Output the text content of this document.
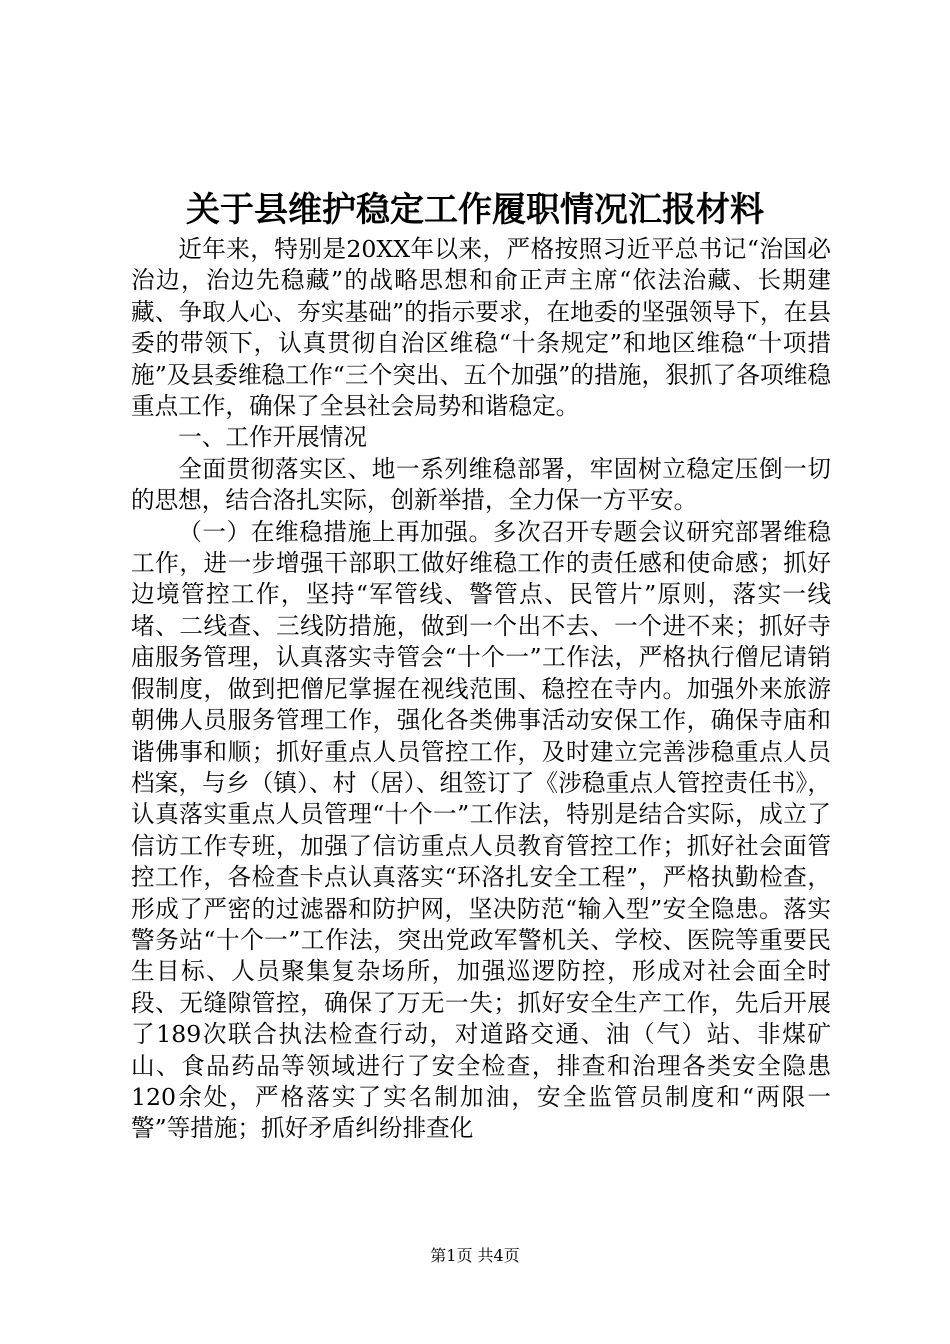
关于县维护稳定工作履职情况汇报材料

近年来，特别是20XX年以来，严格按照习近平总书记“治国必治边，治边先稳藏”的战略思想和俞正声主席“依法治藏、长期建藏、争取人心、夯实基础”的指示要求，在地委的坚强领导下，在县委的带领下，认真贯彻自治区维稳“十条规定”和地区维稳“十项措施”及县委维稳工作“三个突出、五个加强”的措施，狠抓了各项维稳重点工作，确保了全县社会局势和谐稳定。

一、工作开展情况

全面贯彻落实区、地一系列维稳部署，牢固树立稳定压倒一切的思想，结合洛扎实际，创新举措，全力保一方平安。

（一）在维稳措施上再加强。多次召开专题会议研究部署维稳工作，进一步增强干部职工做好维稳工作的责任感和使命感；抓好边境管控工作，坚持“军管线、警管点、民管片”原则，落实一线堵、二线查、三线防措施，做到一个出不去、一个进不来；抓好寺庙服务管理，认真落实寺管会“十个一”工作法，严格执行僧尼请销假制度，做到把僧尼掌握在视线范围、稳控在寺内。加强外来旅游朝佛人员服务管理工作，强化各类佛事活动安保工作，确保寺庙和谐佛事和顺；抓好重点人员管控工作，及时建立完善涉稳重点人员档案，与乡（镇）、村（居）、组签订了《涉稳重点人管控责任书》，认真落实重点人员管理“十个一”工作法，特别是结合实际，成立了信访工作专班，加强了信访重点人员教育管控工作；抓好社会面管控工作，各检查卡点认真落实“环洛扎安全工程”，严格执勤检查，形成了严密的过滤器和防护网，坚决防范“输入型”安全隐患。落实警务站“十个一”工作法，突出党政军警机关、学校、医院等重要民生目标、人员聚集复杂场所，加强巡逻防控，形成对社会面全时段、无缝隙管控，确保了万无一失；抓好安全生产工作，先后开展了189次联合执法检查行动，对道路交通、油（气）站、非煤矿山、食品药品等领域进行了安全检查，排查和治理各类安全隐患120余处，严格落实了实名制加油，安全监管员制度和“两限一警”等措施；抓好矛盾纠纷排查化

第1页 共4页
